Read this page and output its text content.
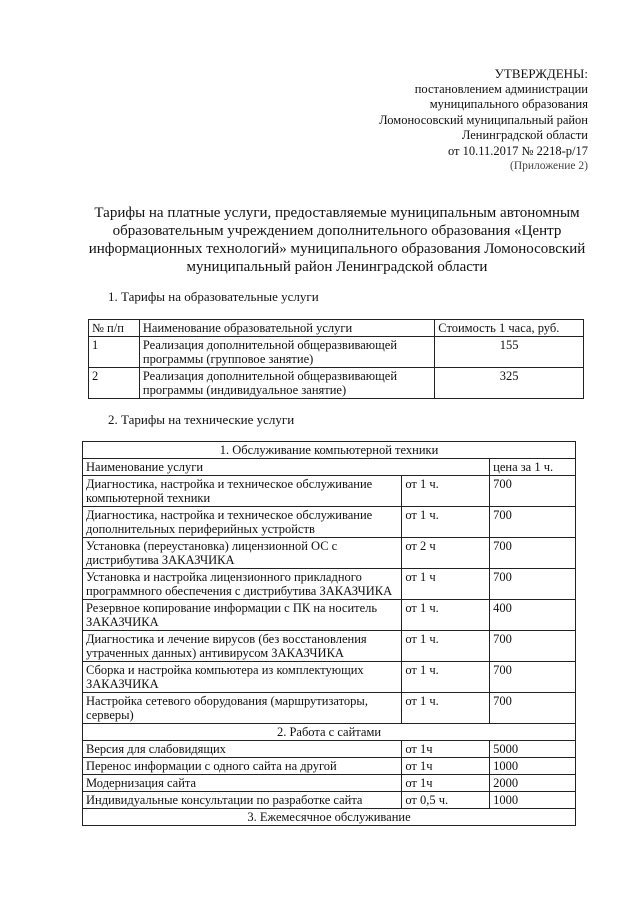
УТВЕРЖДЕНЫ:
постановлением администрации
муниципального образования
Ломоносовский муниципальный район
Ленинградской области
от 10.11.2017 № 2218-р/17
(Приложение 2)
Тарифы на платные услуги, предоставляемые муниципальным автономным образовательным учреждением дополнительного образования «Центр информационных технологий» муниципального образования Ломоносовский муниципальный район Ленинградской области
1. Тарифы на образовательные услуги
№ п/п	Наименование образовательной услуги	Стоимость 1 часа, руб.
1	Реализация дополнительной общеразвивающей программы (групповое занятие)	155
2	Реализация дополнительной общеразвивающей программы (индивидуальное занятие)	325
2. Тарифы на технические услуги
1. Обслуживание компьютерной техники		
Наименование услуги		цена за 1 ч.
Диагностика, настройка и техническое обслуживание компьютерной техники	от 1 ч.	700
Диагностика, настройка и техническое обслуживание дополнительных периферийных устройств	от 1 ч.	700
Установка (переустановка) лицензионной ОС с дистрибутива ЗАКАЗЧИКА	от 2 ч	700
Установка и настройка лицензионного прикладного программного обеспечения с дистрибутива ЗАКАЗЧИКА	от 1 ч	700
Резервное копирование информации с ПК на носитель ЗАКАЗЧИКА	от 1 ч.	400
Диагностика и лечение вирусов (без восстановления утраченных данных) антивирусом ЗАКАЗЧИКА	от 1 ч.	700
Сборка и настройка компьютера из комплектующих ЗАКАЗЧИКА	от 1 ч.	700
Настройка сетевого оборудования (маршрутизаторы, серверы)	от 1 ч.	700
2. Работа с сайтами		
Версия для слабовидящих	от 1ч	5000
Перенос информации с одного сайта на другой	от 1ч	1000
Модернизация сайта	от 1ч	2000
Индивидуальные консультации по разработке сайта	от 0,5 ч.	1000
3. Ежемесячное обслуживание		
